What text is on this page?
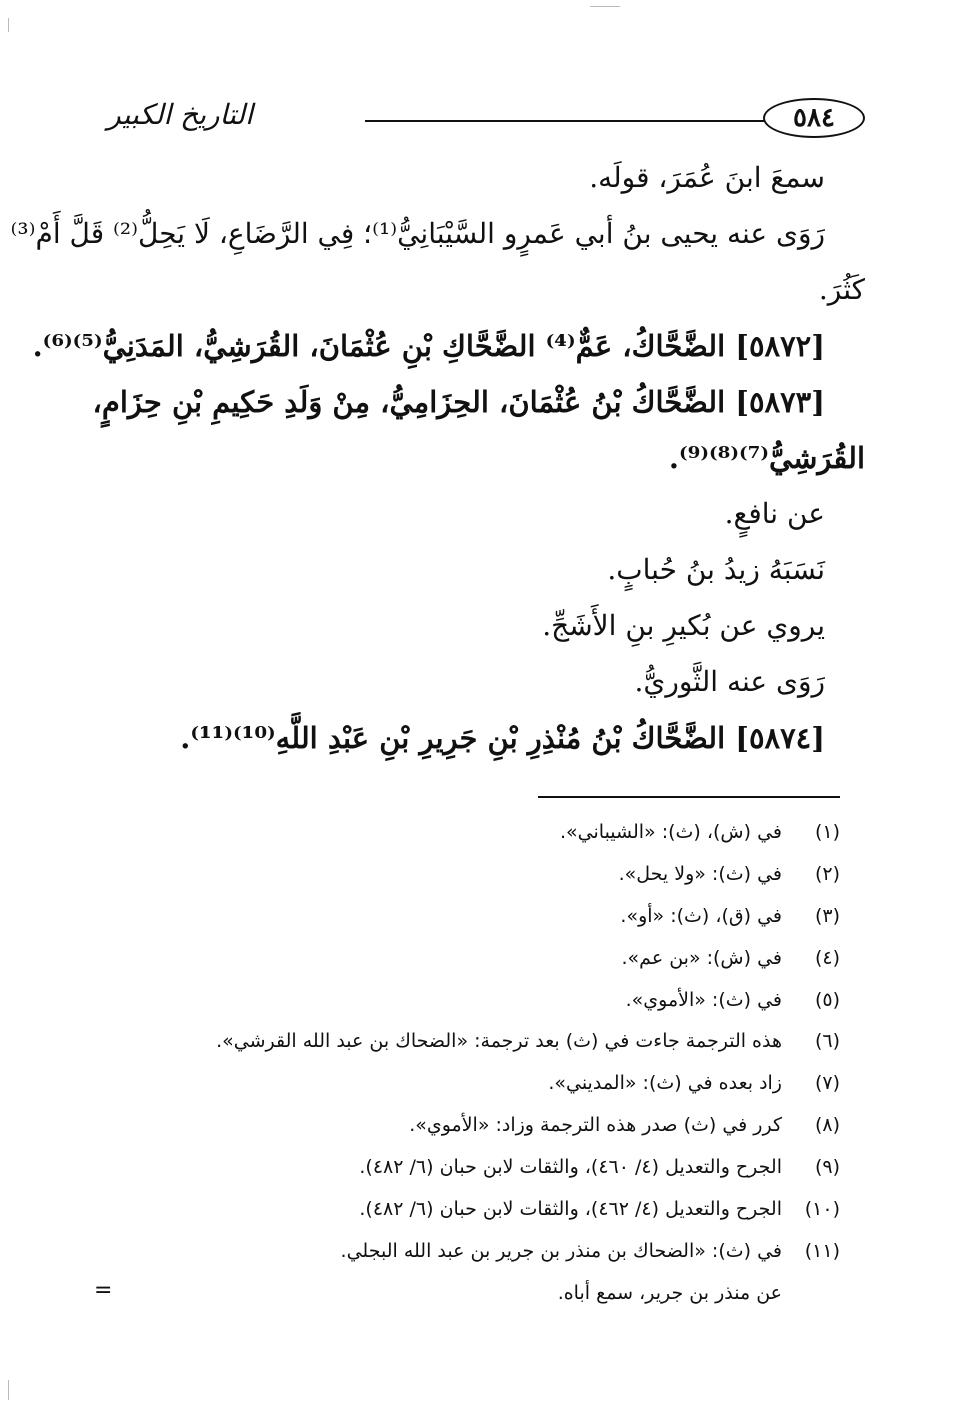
التاريخ الكبير	٥٨٤
سمعَ ابنَ عُمَرَ، قولَه.
رَوَى عنه يحيى بنُ أبي عَمرٍو السَّيْبَانِيُّ⁽¹⁾؛ فِي الرَّضَاعِ، لَا يَحِلُّ⁽²⁾ قَلَّ أَمْ⁽³⁾
كَثُرَ.
[٥٨٧٢] الضَّحَّاكُ، عَمٌّ⁽⁴⁾ الضَّحَّاكِ بْنِ عُثْمَانَ، القُرَشِيُّ، المَدَنِيُّ⁽⁵⁾⁽⁶⁾.
[٥٨٧٣] الضَّحَّاكُ بْنُ عُثْمَانَ، الحِزَامِيُّ، مِنْ وَلَدِ حَكِيمِ بْنِ حِزَامٍ،
القُرَشِيُّ⁽⁷⁾⁽⁸⁾⁽⁹⁾.
عن نافعٍ.
نَسَبَهُ زيدُ بنُ حُبابٍ.
يروي عن بُكيرِ بنِ الأَشَجِّ.
رَوَى عنه الثَّوريُّ.
[٥٨٧٤] الضَّحَّاكُ بْنُ مُنْذِرِ بْنِ جَرِيرِ بْنِ عَبْدِ اللَّهِ⁽¹⁰⁾⁽¹¹⁾.
(١)في (ش)، (ث): «الشيباني».
(٢)في (ث): «ولا يحل».
(٣)في (ق)، (ث): «أو».
(٤)في (ش): «بن عم».
(٥)في (ث): «الأموي».
(٦)هذه الترجمة جاءت في (ث) بعد ترجمة: «الضحاك بن عبد الله القرشي».
(٧)زاد بعده في (ث): «المديني».
(٨)كرر في (ث) صدر هذه الترجمة وزاد: «الأموي».
(٩)الجرح والتعديل (٤/ ٤٦٠)، والثقات لابن حبان (٦/ ٤٨٢).
(١٠)الجرح والتعديل (٤/ ٤٦٢)، والثقات لابن حبان (٦/ ٤٨٢).
(١١)في (ث): «الضحاك بن منذر بن جرير بن عبد الله البجلي.
عن منذر بن جرير، سمع أباه.
=
